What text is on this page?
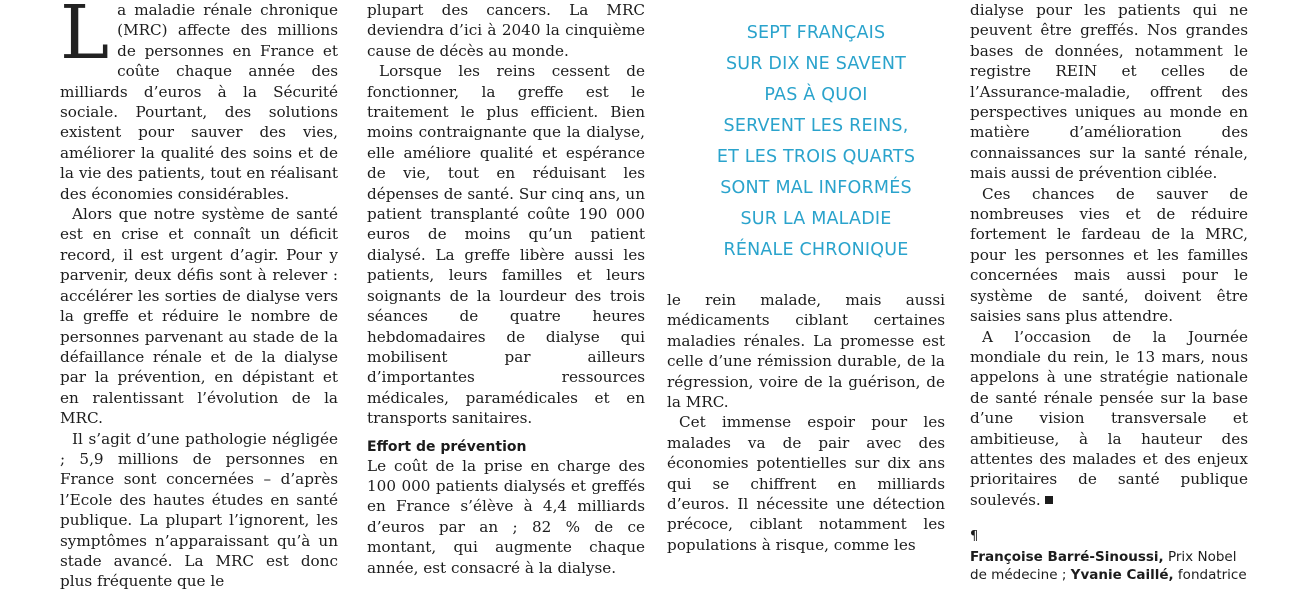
La maladie rénale chronique (MRC) affecte des millions de personnes en France et coûte chaque année des milliards d’euros à la Sécurité sociale. Pourtant, des solutions existent pour sauver des vies, améliorer la qualité des soins et de la vie des patients, tout en réalisant des économies considérables.

Alors que notre système de santé est en crise et connaît un déficit record, il est urgent d’agir. Pour y parvenir, deux défis sont à relever : accélérer les sorties de dialyse vers la greffe et réduire le nombre de personnes parvenant au stade de la défaillance rénale et de la dialyse par la prévention, en dépistant et en ralentissant l’évolution de la MRC.

Il s’agit d’une pathologie négligée ; 5,9 millions de personnes en France sont concernées – d’après l’Ecole des hautes études en santé publique. La plupart l’ignorent, les symptômes n’apparaissant qu’à un stade avancé. La MRC est donc plus fréquente que le

plupart des cancers. La MRC deviendra d’ici à 2040 la cinquième cause de décès au monde.

Lorsque les reins cessent de fonctionner, la greffe est le traitement le plus efficient. Bien moins contraignante que la dialyse, elle améliore qualité et espérance de vie, tout en réduisant les dépenses de santé. Sur cinq ans, un patient transplanté coûte 190 000 euros de moins qu’un patient dialysé. La greffe libère aussi les patients, leurs familles et leurs soignants de la lourdeur des trois séances de quatre heures hebdomadaires de dialyse qui mobilisent par ailleurs d’importantes ressources médicales, paramédicales et en transports sanitaires.

Effort de prévention

Le coût de la prise en charge des 100 000 patients dialysés et greffés en France s’élève à 4,4 milliards d’euros par an ; 82 % de ce montant, qui augmente chaque année, est consacré à la dialyse.

SEPT FRANÇAIS
SUR DIX NE SAVENT
PAS À QUOI
SERVENT LES REINS,
ET LES TROIS QUARTS
SONT MAL INFORMÉS
SUR LA MALADIE
RÉNALE CHRONIQUE

le rein malade, mais aussi médicaments ciblant certaines maladies rénales. La promesse est celle d’une rémission durable, de la régression, voire de la guérison, de la MRC.

Cet immense espoir pour les malades va de pair avec des économies potentielles sur dix ans qui se chiffrent en milliards d’euros. Il nécessite une détection précoce, ciblant notamment les populations à risque, comme les

dialyse pour les patients qui ne peuvent être greffés. Nos grandes bases de données, notamment le registre REIN et celles de l’Assurance-maladie, offrent des perspectives uniques au monde en matière d’amélioration des connaissances sur la santé rénale, mais aussi de prévention ciblée.

Ces chances de sauver de nombreuses vies et de réduire fortement le fardeau de la MRC, pour les personnes et les familles concernées mais aussi pour le système de santé, doivent être saisies sans plus attendre.

A l’occasion de la Journée mondiale du rein, le 13 mars, nous appelons à une stratégie nationale de santé rénale pensée sur la base d’une vision transversale et ambitieuse, à la hauteur des attentes des malades et des enjeux prioritaires de santé publique soulevés.

¶
Françoise Barré-Sinoussi, Prix Nobel
de médecine ; Yvanie Caillé, fondatrice
